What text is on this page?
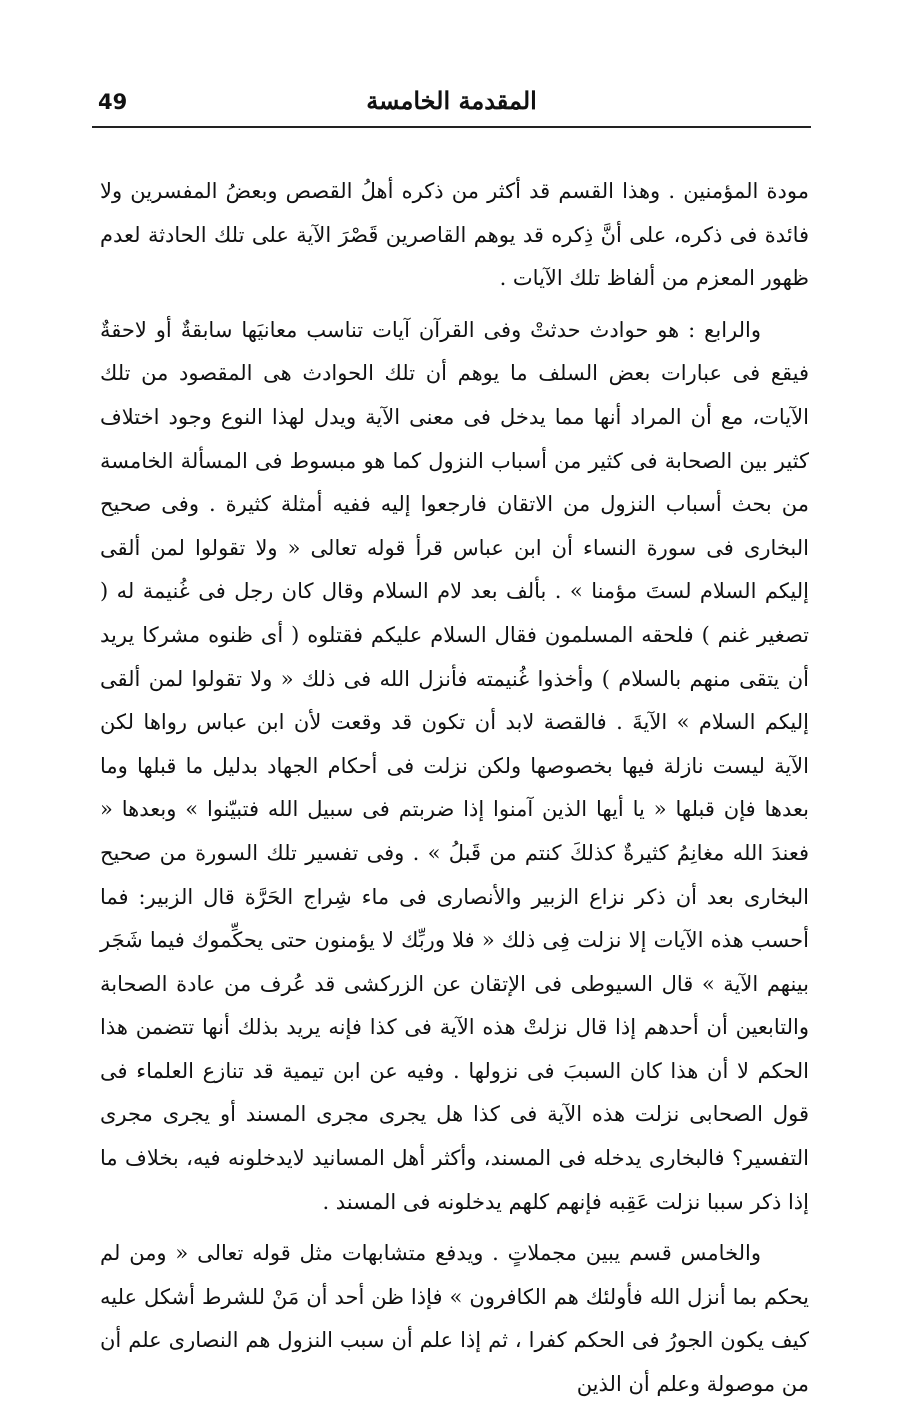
49	المقدمة الخامسة

مودة المؤمنين . وهذا القسم قد أكثر من ذكره أهلُ القصص وبعضُ المفسرين ولا فائدة فى ذكره، على أنَّ ذِكره قد يوهم القاصرين قَصْرَ الآية على تلك الحادثة لعدم ظهور المعزم من ألفاظ تلك الآيات .

والرابع : هو حوادث حدثتْ وفى القرآن آيات تناسب معانيَها سابقةٌ أو لاحقةٌ فيقع فى عبارات بعض السلف ما يوهم أن تلك الحوادث هى المقصود من تلك الآيات، مع أن المراد أنها مما يدخل فى معنى الآية ويدل لهذا النوع وجود اختلاف كثير بين الصحابة فى كثير من أسباب النزول كما هو مبسوط فى المسألة الخامسة من بحث أسباب النزول من الاتقان فارجعوا إليه ففيه أمثلة كثيرة . وفى صحيح البخارى فى سورة النساء أن ابن عباس قرأ قوله تعالى « ولا تقولوا لمن ألقى إليكم السلام لستَ مؤمنا » . بألف بعد لام السلام وقال كان رجل فى غُنيمة له ( تصغير غنم ) فلحقه المسلمون فقال السلام عليكم فقتلوه ( أى ظنوه مشركا يريد أن يتقى منهم بالسلام ) وأخذوا غُنيمته فأنزل الله فى ذلك « ولا تقولوا لمن ألقى إليكم السلام » الآيةَ . فالقصة لابد أن تكون قد وقعت لأن ابن عباس رواها لكن الآية ليست نازلة فيها بخصوصها ولكن نزلت فى أحكام الجهاد بدليل ما قبلها وما بعدها فإن قبلها « يا أيها الذين آمنوا إذا ضربتم فى سبيل الله فتبيّنوا » وبعدها « فعندَ الله مغانِمُ كثيرةٌ كذلكَ كنتم من قَبلُ » . وفى تفسير تلك السورة من صحيح البخارى بعد أن ذكر نزاع الزبير والأنصارى فى ماء شِراج الحَرَّة قال الزبير: فما أحسب هذه الآيات إلا نزلت فِى ذلك « فلا وربِّك لا يؤمنون حتى يحكِّموك فيما شَجَر بينهم الآية » قال السيوطى فى الإتقان عن الزركشى قد عُرف من عادة الصحابة والتابعين أن أحدهم إذا قال نزلتْ هذه الآية فى كذا فإنه يريد بذلك أنها تتضمن هذا الحكم لا أن هذا كان السببَ فى نزولها . وفيه عن ابن تيمية قد تنازع العلماء فى قول الصحابى نزلت هذه الآية فى كذا هل يجرى مجرى المسند أو يجرى مجرى التفسير؟ فالبخارى يدخله فى المسند، وأكثر أهل المسانيد لايدخلونه فيه، بخلاف ما إذا ذكر سببا نزلت عَقِبه فإنهم كلهم يدخلونه فى المسند .

والخامس قسم يبين مجملاتٍ . ويدفع متشابهات مثل قوله تعالى « ومن لم يحكم بما أنزل الله فأولئك هم الكافرون » فإذا ظن أحد أن مَنْ للشرط أشكل عليه كيف يكون الجورُ فى الحكم كفرا ، ثم إذا علم أن سبب النزول هم النصارى علم أن من موصولة وعلم أن الذين
